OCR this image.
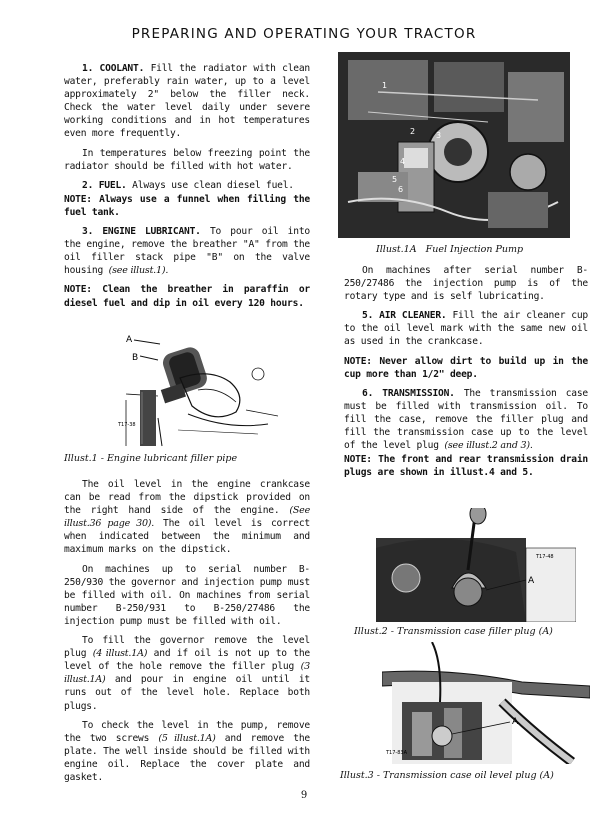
PREPARING AND OPERATING YOUR TRACTOR

1. COOLANT. Fill the radiator with clean water, preferably rain water, up to a level approximately 2" below the filler neck. Check the water level daily under severe working conditions and in hot temperatures even more frequently.

In temperatures below freezing point the radiator should be filled with hot water.

2. FUEL. Always use clean diesel fuel.

NOTE: Always use a funnel when filling the fuel tank.

3. ENGINE LUBRICANT. To pour oil into the engine, remove the breather "A" from the oil filler stack pipe "B" on the valve housing (see illust.1).

NOTE: Clean the breather in paraffin or diesel fuel and dip in oil every 120 hours.

A
B
T17-38
Illust.1 - Engine lubricant filler pipe

The oil level in the engine crankcase can be read from the dipstick provided on the right hand side of the engine. (See illust.36 page 30). The oil level is correct when indicated between the minimum and maximum marks on the dipstick.

On machines up to serial number B-250/930 the governor and injection pump must be filled with oil. On machines from serial number B-250/931 to B-250/27486 the injection pump must be filled with oil.

To fill the governor remove the level plug (4 illust.1A) and if oil is not up to the level of the hole remove the filler plug (3 illust.1A) and pour in engine oil until it runs out of the level hole. Replace both plugs.

To check the level in the pump, remove the two screws (5 illust.1A) and remove the plate. The well inside should be filled with engine oil. Replace the cover plate and gasket.

1
2	3
4
5
6
Illust.1A   Fuel Injection Pump

On machines after serial number B-250/27486 the injection pump is of the rotary type and is self lubricating.

5. AIR CLEANER. Fill the air cleaner cup to the oil level mark with the same new oil as used in the crankcase.

NOTE: Never allow dirt to build up in the cup more than 1/2" deep.

6. TRANSMISSION. The transmission case must be filled with transmission oil. To fill the case, remove the filler plug and fill the transmission case up to the level of the level plug (see illust.2 and 3).

NOTE: The front and rear transmission drain plugs are shown in illust.4 and 5.

A
T17-48
Illust.2 - Transmission case filler plug (A)
A
T17-83A
Illust.3 - Transmission case oil level plug (A)
9
